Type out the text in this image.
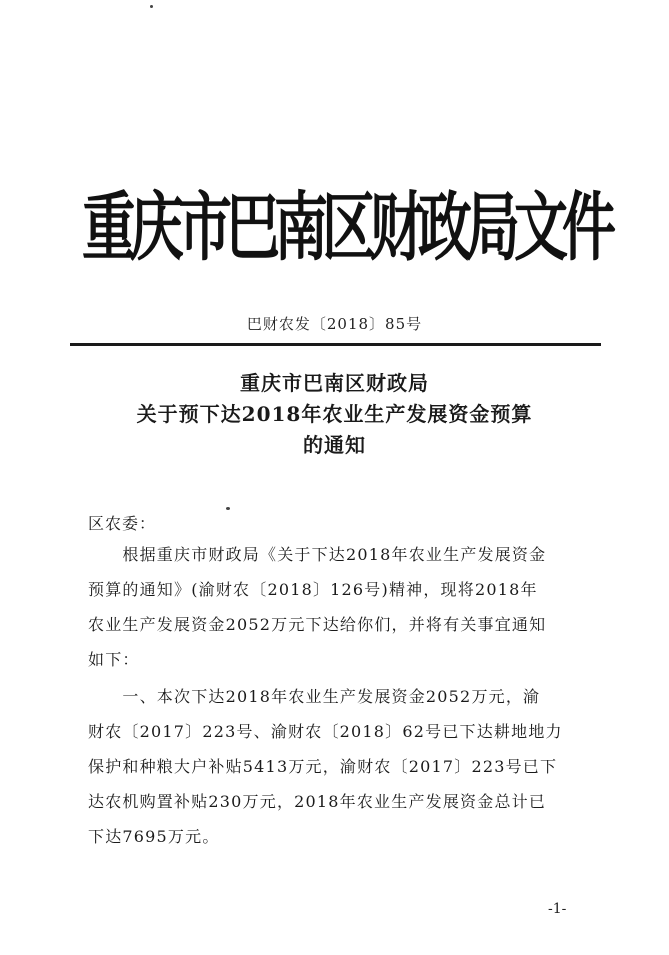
重庆市巴南区财政局文件
巴财农发〔2018〕85号
重庆市巴南区财政局
关于预下达2018年农业生产发展资金预算
的通知
区农委：
　　根据重庆市财政局《关于下达2018年农业生产发展资金
预算的通知》(渝财农〔2018〕126号)精神，现将2018年
农业生产发展资金2052万元下达给你们，并将有关事宜通知
如下：
　　一、本次下达2018年农业生产发展资金2052万元，渝
财农〔2017〕223号、渝财农〔2018〕62号已下达耕地地力
保护和种粮大户补贴5413万元，渝财农〔2017〕223号已下
达农机购置补贴230万元，2018年农业生产发展资金总计已
下达7695万元。
-1-
